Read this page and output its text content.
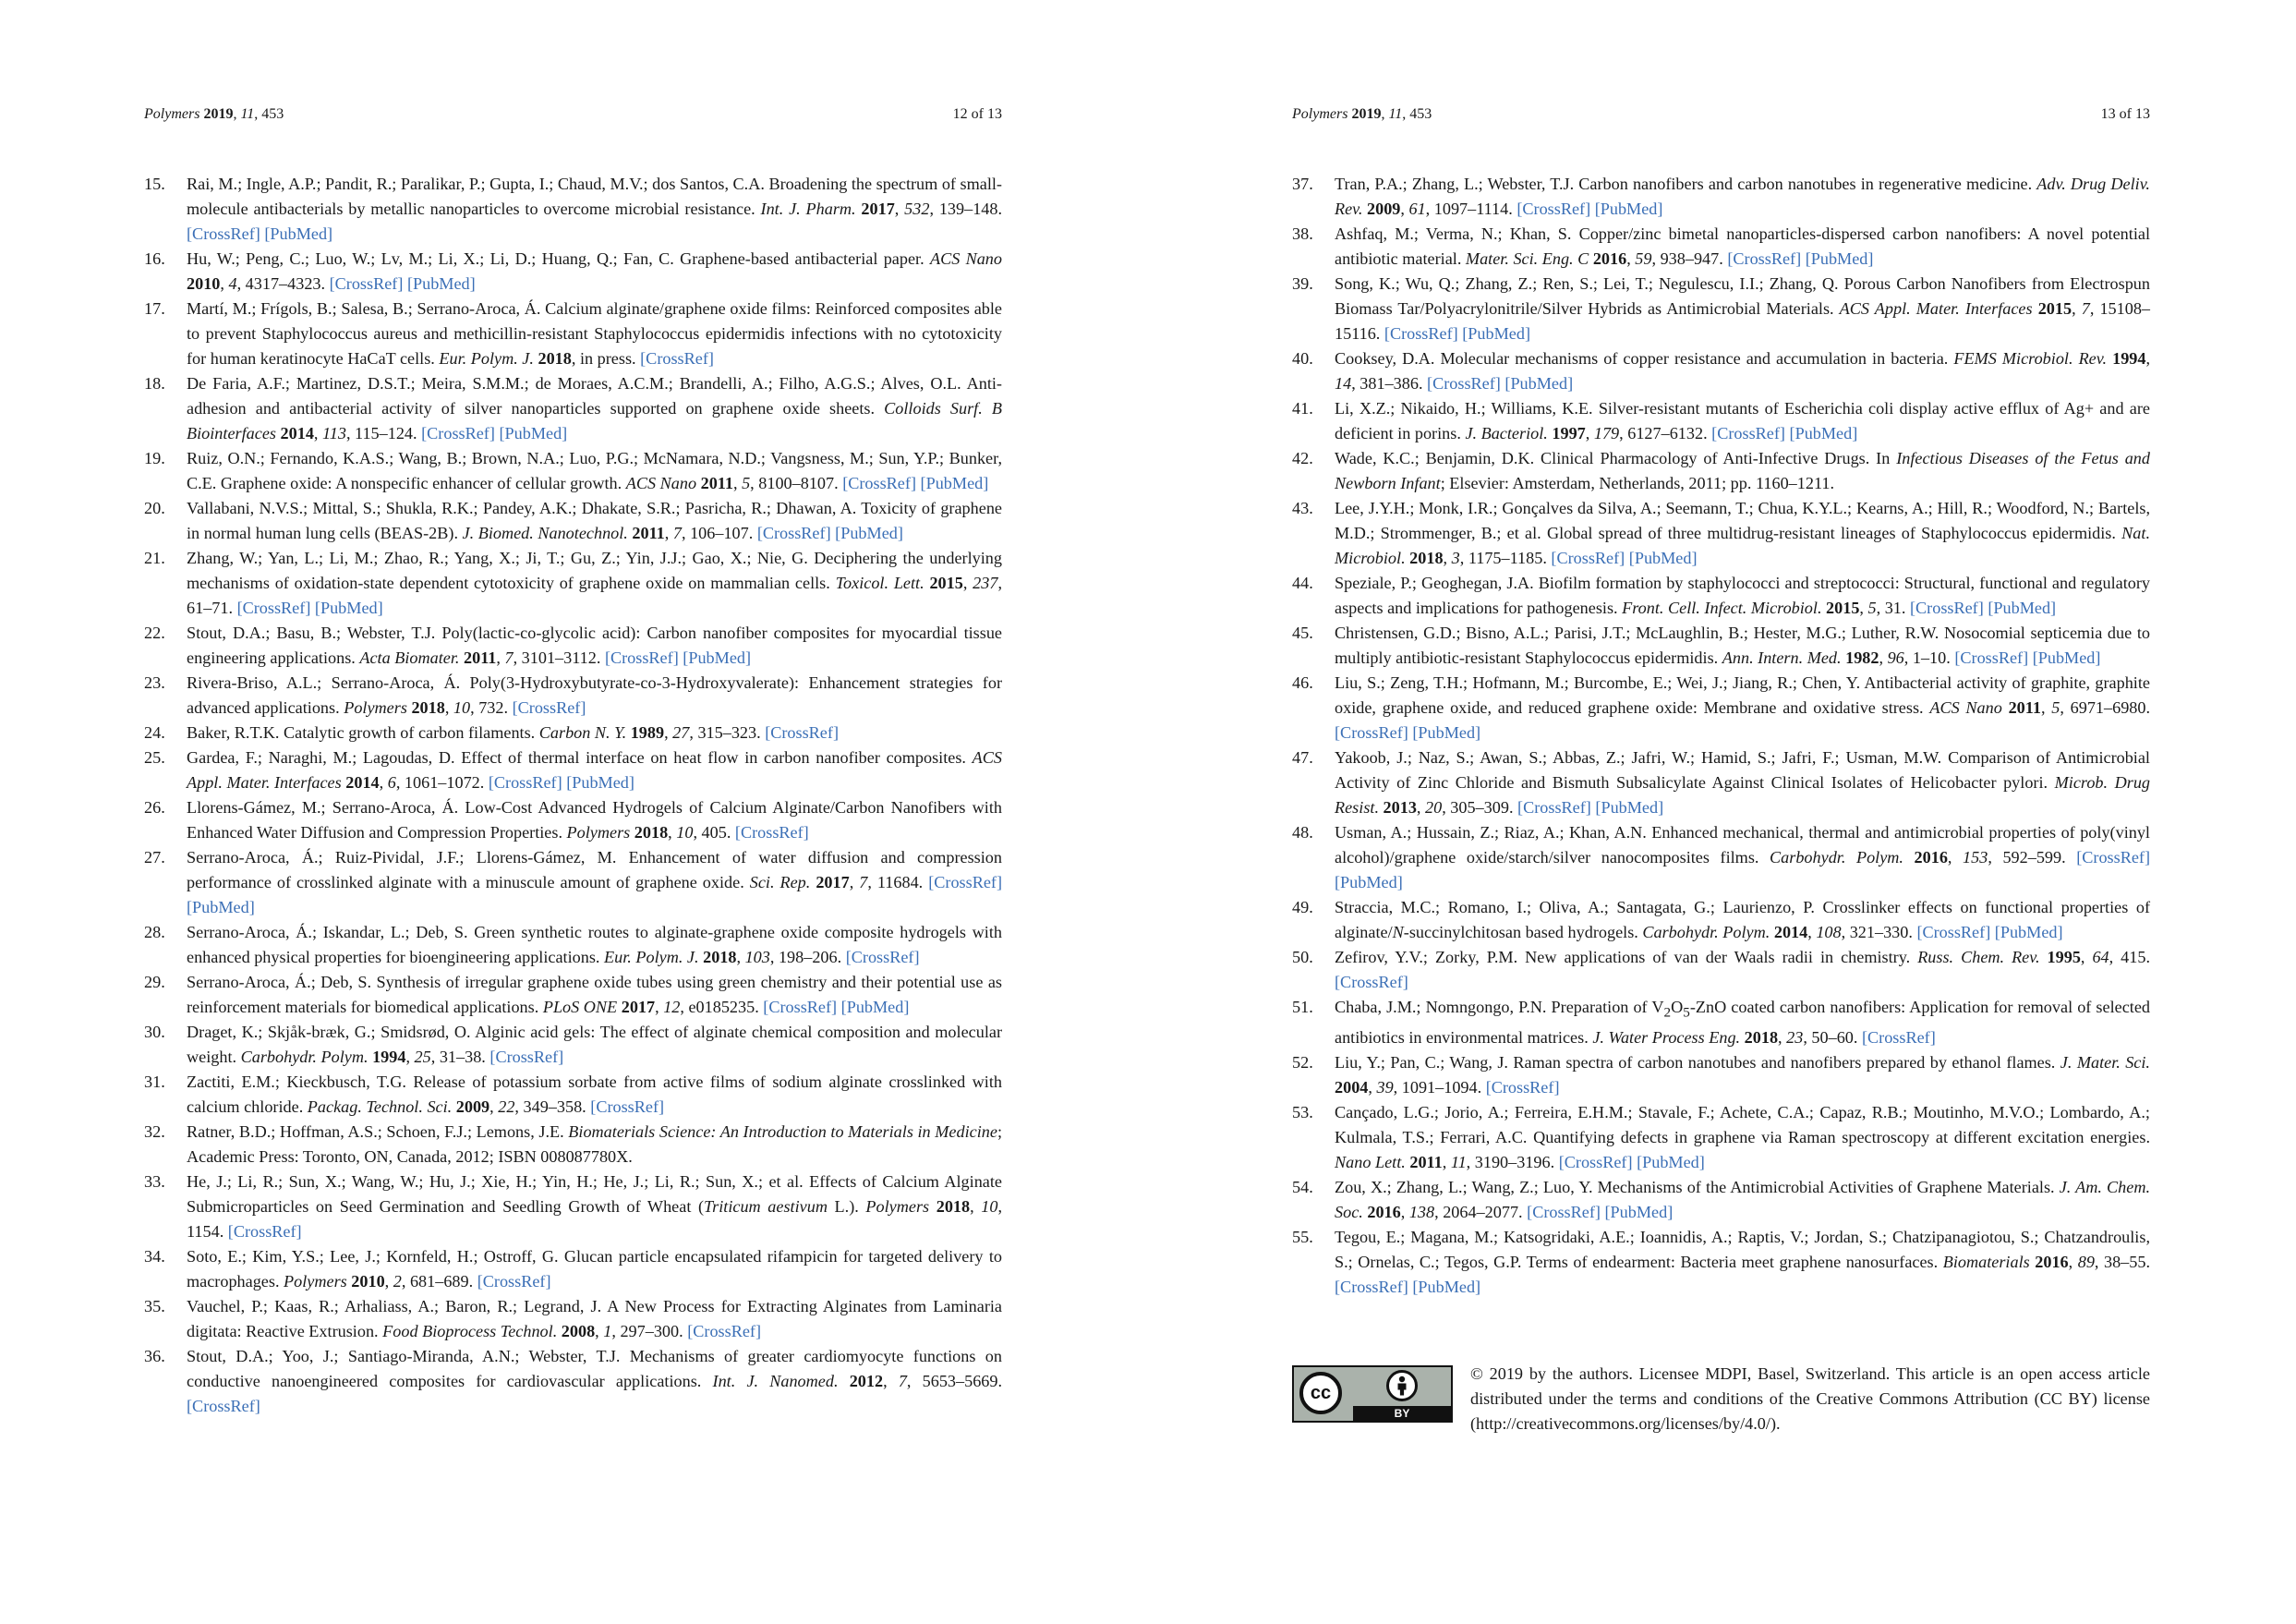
Polymers 2019, 11, 453	12 of 13
15.	Rai, M.; Ingle, A.P.; Pandit, R.; Paralikar, P.; Gupta, I.; Chaud, M.V.; dos Santos, C.A. Broadening the spectrum of small-molecule antibacterials by metallic nanoparticles to overcome microbial resistance. Int. J. Pharm. 2017, 532, 139–148. [CrossRef] [PubMed]
16.	Hu, W.; Peng, C.; Luo, W.; Lv, M.; Li, X.; Li, D.; Huang, Q.; Fan, C. Graphene-based antibacterial paper. ACS Nano 2010, 4, 4317–4323. [CrossRef] [PubMed]
17.	Martí, M.; Frígols, B.; Salesa, B.; Serrano-Aroca, Á. Calcium alginate/graphene oxide films: Reinforced composites able to prevent Staphylococcus aureus and methicillin-resistant Staphylococcus epidermidis infections with no cytotoxicity for human keratinocyte HaCaT cells. Eur. Polym. J. 2018, in press. [CrossRef]
18.	De Faria, A.F.; Martinez, D.S.T.; Meira, S.M.M.; de Moraes, A.C.M.; Brandelli, A.; Filho, A.G.S.; Alves, O.L. Anti-adhesion and antibacterial activity of silver nanoparticles supported on graphene oxide sheets. Colloids Surf. B Biointerfaces 2014, 113, 115–124. [CrossRef] [PubMed]
19.	Ruiz, O.N.; Fernando, K.A.S.; Wang, B.; Brown, N.A.; Luo, P.G.; McNamara, N.D.; Vangsness, M.; Sun, Y.P.; Bunker, C.E. Graphene oxide: A nonspecific enhancer of cellular growth. ACS Nano 2011, 5, 8100–8107. [CrossRef] [PubMed]
20.	Vallabani, N.V.S.; Mittal, S.; Shukla, R.K.; Pandey, A.K.; Dhakate, S.R.; Pasricha, R.; Dhawan, A. Toxicity of graphene in normal human lung cells (BEAS-2B). J. Biomed. Nanotechnol. 2011, 7, 106–107. [CrossRef] [PubMed]
21.	Zhang, W.; Yan, L.; Li, M.; Zhao, R.; Yang, X.; Ji, T.; Gu, Z.; Yin, J.J.; Gao, X.; Nie, G. Deciphering the underlying mechanisms of oxidation-state dependent cytotoxicity of graphene oxide on mammalian cells. Toxicol. Lett. 2015, 237, 61–71. [CrossRef] [PubMed]
22.	Stout, D.A.; Basu, B.; Webster, T.J. Poly(lactic-co-glycolic acid): Carbon nanofiber composites for myocardial tissue engineering applications. Acta Biomater. 2011, 7, 3101–3112. [CrossRef] [PubMed]
23.	Rivera-Briso, A.L.; Serrano-Aroca, Á. Poly(3-Hydroxybutyrate-co-3-Hydroxyvalerate): Enhancement strategies for advanced applications. Polymers 2018, 10, 732. [CrossRef]
24.	Baker, R.T.K. Catalytic growth of carbon filaments. Carbon N. Y. 1989, 27, 315–323. [CrossRef]
25.	Gardea, F.; Naraghi, M.; Lagoudas, D. Effect of thermal interface on heat flow in carbon nanofiber composites. ACS Appl. Mater. Interfaces 2014, 6, 1061–1072. [CrossRef] [PubMed]
26.	Llorens-Gámez, M.; Serrano-Aroca, Á. Low-Cost Advanced Hydrogels of Calcium Alginate/Carbon Nanofibers with Enhanced Water Diffusion and Compression Properties. Polymers 2018, 10, 405. [CrossRef]
27.	Serrano-Aroca, Á.; Ruiz-Pividal, J.F.; Llorens-Gámez, M. Enhancement of water diffusion and compression performance of crosslinked alginate with a minuscule amount of graphene oxide. Sci. Rep. 2017, 7, 11684. [CrossRef] [PubMed]
28.	Serrano-Aroca, Á.; Iskandar, L.; Deb, S. Green synthetic routes to alginate-graphene oxide composite hydrogels with enhanced physical properties for bioengineering applications. Eur. Polym. J. 2018, 103, 198–206. [CrossRef]
29.	Serrano-Aroca, Á.; Deb, S. Synthesis of irregular graphene oxide tubes using green chemistry and their potential use as reinforcement materials for biomedical applications. PLoS ONE 2017, 12, e0185235. [CrossRef] [PubMed]
30.	Draget, K.; Skjåk-bræk, G.; Smidsrød, O. Alginic acid gels: The effect of alginate chemical composition and molecular weight. Carbohydr. Polym. 1994, 25, 31–38. [CrossRef]
31.	Zactiti, E.M.; Kieckbusch, T.G. Release of potassium sorbate from active films of sodium alginate crosslinked with calcium chloride. Packag. Technol. Sci. 2009, 22, 349–358. [CrossRef]
32.	Ratner, B.D.; Hoffman, A.S.; Schoen, F.J.; Lemons, J.E. Biomaterials Science: An Introduction to Materials in Medicine; Academic Press: Toronto, ON, Canada, 2012; ISBN 008087780X.
33.	He, J.; Li, R.; Sun, X.; Wang, W.; Hu, J.; Xie, H.; Yin, H.; He, J.; Li, R.; Sun, X.; et al. Effects of Calcium Alginate Submicroparticles on Seed Germination and Seedling Growth of Wheat (Triticum aestivum L.). Polymers 2018, 10, 1154. [CrossRef]
34.	Soto, E.; Kim, Y.S.; Lee, J.; Kornfeld, H.; Ostroff, G. Glucan particle encapsulated rifampicin for targeted delivery to macrophages. Polymers 2010, 2, 681–689. [CrossRef]
35.	Vauchel, P.; Kaas, R.; Arhaliass, A.; Baron, R.; Legrand, J. A New Process for Extracting Alginates from Laminaria digitata: Reactive Extrusion. Food Bioprocess Technol. 2008, 1, 297–300. [CrossRef]
36.	Stout, D.A.; Yoo, J.; Santiago-Miranda, A.N.; Webster, T.J. Mechanisms of greater cardiomyocyte functions on conductive nanoengineered composites for cardiovascular applications. Int. J. Nanomed. 2012, 7, 5653–5669. [CrossRef]
Polymers 2019, 11, 453	13 of 13
37.	Tran, P.A.; Zhang, L.; Webster, T.J. Carbon nanofibers and carbon nanotubes in regenerative medicine. Adv. Drug Deliv. Rev. 2009, 61, 1097–1114. [CrossRef] [PubMed]
38.	Ashfaq, M.; Verma, N.; Khan, S. Copper/zinc bimetal nanoparticles-dispersed carbon nanofibers: A novel potential antibiotic material. Mater. Sci. Eng. C 2016, 59, 938–947. [CrossRef] [PubMed]
39.	Song, K.; Wu, Q.; Zhang, Z.; Ren, S.; Lei, T.; Negulescu, I.I.; Zhang, Q. Porous Carbon Nanofibers from Electrospun Biomass Tar/Polyacrylonitrile/Silver Hybrids as Antimicrobial Materials. ACS Appl. Mater. Interfaces 2015, 7, 15108–15116. [CrossRef] [PubMed]
40.	Cooksey, D.A. Molecular mechanisms of copper resistance and accumulation in bacteria. FEMS Microbiol. Rev. 1994, 14, 381–386. [CrossRef] [PubMed]
41.	Li, X.Z.; Nikaido, H.; Williams, K.E. Silver-resistant mutants of Escherichia coli display active efflux of Ag+ and are deficient in porins. J. Bacteriol. 1997, 179, 6127–6132. [CrossRef] [PubMed]
42.	Wade, K.C.; Benjamin, D.K. Clinical Pharmacology of Anti-Infective Drugs. In Infectious Diseases of the Fetus and Newborn Infant; Elsevier: Amsterdam, Netherlands, 2011; pp. 1160–1211.
43.	Lee, J.Y.H.; Monk, I.R.; Gonçalves da Silva, A.; Seemann, T.; Chua, K.Y.L.; Kearns, A.; Hill, R.; Woodford, N.; Bartels, M.D.; Strommenger, B.; et al. Global spread of three multidrug-resistant lineages of Staphylococcus epidermidis. Nat. Microbiol. 2018, 3, 1175–1185. [CrossRef] [PubMed]
44.	Speziale, P.; Geoghegan, J.A. Biofilm formation by staphylococci and streptococci: Structural, functional and regulatory aspects and implications for pathogenesis. Front. Cell. Infect. Microbiol. 2015, 5, 31. [CrossRef] [PubMed]
45.	Christensen, G.D.; Bisno, A.L.; Parisi, J.T.; McLaughlin, B.; Hester, M.G.; Luther, R.W. Nosocomial septicemia due to multiply antibiotic-resistant Staphylococcus epidermidis. Ann. Intern. Med. 1982, 96, 1–10. [CrossRef] [PubMed]
46.	Liu, S.; Zeng, T.H.; Hofmann, M.; Burcombe, E.; Wei, J.; Jiang, R.; Chen, Y. Antibacterial activity of graphite, graphite oxide, graphene oxide, and reduced graphene oxide: Membrane and oxidative stress. ACS Nano 2011, 5, 6971–6980. [CrossRef] [PubMed]
47.	Yakoob, J.; Naz, S.; Awan, S.; Abbas, Z.; Jafri, W.; Hamid, S.; Jafri, F.; Usman, M.W. Comparison of Antimicrobial Activity of Zinc Chloride and Bismuth Subsalicylate Against Clinical Isolates of Helicobacter pylori. Microb. Drug Resist. 2013, 20, 305–309. [CrossRef] [PubMed]
48.	Usman, A.; Hussain, Z.; Riaz, A.; Khan, A.N. Enhanced mechanical, thermal and antimicrobial properties of poly(vinyl alcohol)/graphene oxide/starch/silver nanocomposites films. Carbohydr. Polym. 2016, 153, 592–599. [CrossRef] [PubMed]
49.	Straccia, M.C.; Romano, I.; Oliva, A.; Santagata, G.; Laurienzo, P. Crosslinker effects on functional properties of alginate/N-succinylchitosan based hydrogels. Carbohydr. Polym. 2014, 108, 321–330. [CrossRef] [PubMed]
50.	Zefirov, Y.V.; Zorky, P.M. New applications of van der Waals radii in chemistry. Russ. Chem. Rev. 1995, 64, 415. [CrossRef]
51.	Chaba, J.M.; Nomngongo, P.N. Preparation of $V_2O_5$-ZnO coated carbon nanofibers: Application for removal of selected antibiotics in environmental matrices. J. Water Process Eng. 2018, 23, 50–60. [CrossRef]
52.	Liu, Y.; Pan, C.; Wang, J. Raman spectra of carbon nanotubes and nanofibers prepared by ethanol flames. J. Mater. Sci. 2004, 39, 1091–1094. [CrossRef]
53.	Cançado, L.G.; Jorio, A.; Ferreira, E.H.M.; Stavale, F.; Achete, C.A.; Capaz, R.B.; Moutinho, M.V.O.; Lombardo, A.; Kulmala, T.S.; Ferrari, A.C. Quantifying defects in graphene via Raman spectroscopy at different excitation energies. Nano Lett. 2011, 11, 3190–3196. [CrossRef] [PubMed]
54.	Zou, X.; Zhang, L.; Wang, Z.; Luo, Y. Mechanisms of the Antimicrobial Activities of Graphene Materials. J. Am. Chem. Soc. 2016, 138, 2064–2077. [CrossRef] [PubMed]
55.	Tegou, E.; Magana, M.; Katsogridaki, A.E.; Ioannidis, A.; Raptis, V.; Jordan, S.; Chatzipanagiotou, S.; Chatzandroulis, S.; Ornelas, C.; Tegos, G.P. Terms of endearment: Bacteria meet graphene nanosurfaces. Biomaterials 2016, 89, 38–55. [CrossRef] [PubMed]
cc
BY
© 2019 by the authors. Licensee MDPI, Basel, Switzerland. This article is an open access article distributed under the terms and conditions of the Creative Commons Attribution (CC BY) license (http://creativecommons.org/licenses/by/4.0/).
